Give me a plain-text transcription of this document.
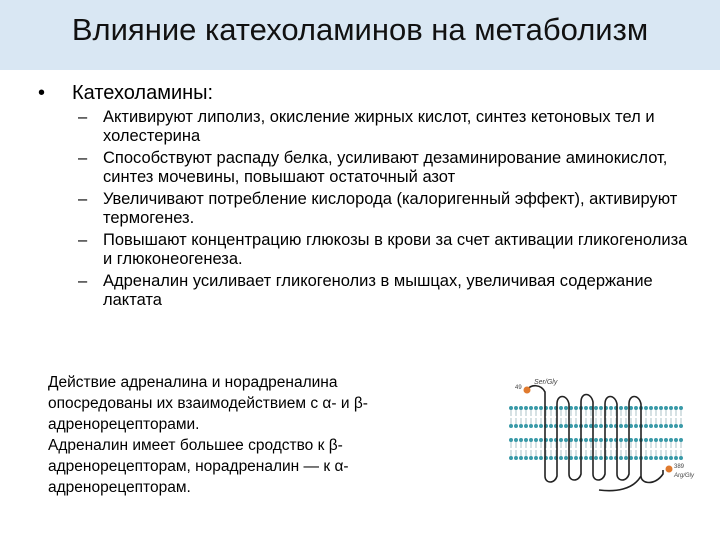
Влияние катехоламинов на метаболизм
• Катехоламины:
– Активируют липолиз, окисление жирных кислот, синтез кетоновых тел и холестерина
– Способствуют распаду белка, усиливают дезаминирование аминокислот, синтез мочевины, повышают остаточный азот
– Увеличивают потребление кислорода (калоригенный эффект), активируют термогенез.
– Повышают концентрацию глюкозы в крови за счет активации гликогенолиза и глюконеогенеза.
– Адреналин усиливает гликогенолиз в мышцах, увеличивая содержание лактата

Действие адреналина и норадреналина опосредованы их взаимодействием с α- и β-адренорецепторами.

Адреналин имеет большее сродство к β-адренорецепторам, норадреналин — к α-адренорецепторам.

49
Ser/Gly
389
Arg/Gly
